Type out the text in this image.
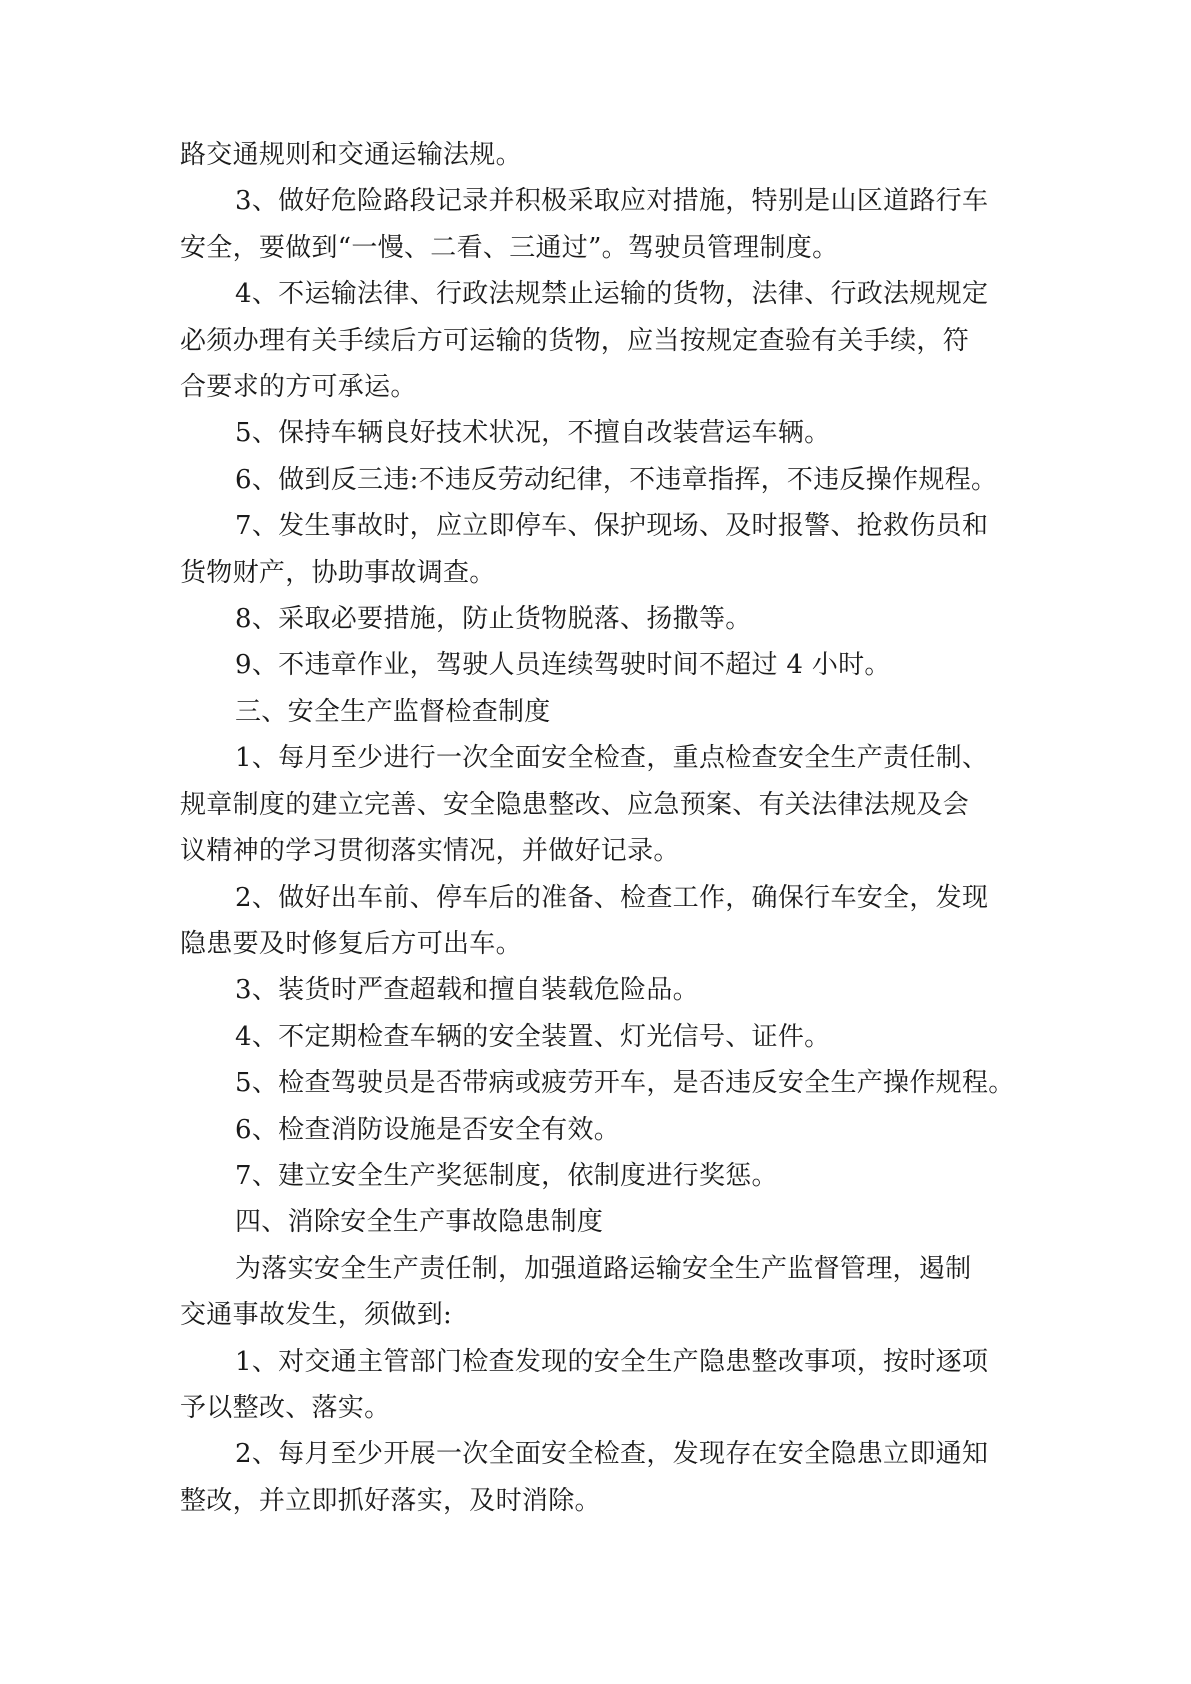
路交通规则和交通运输法规。

3、做好危险路段记录并积极采取应对措施，特别是山区道路行车

安全，要做到“一慢、二看、三通过”。驾驶员管理制度。

4、不运输法律、行政法规禁止运输的货物，法律、行政法规规定

必须办理有关手续后方可运输的货物，应当按规定查验有关手续，符

合要求的方可承运。

5、保持车辆良好技术状况，不擅自改装营运车辆。

6、做到反三违:不违反劳动纪律，不违章指挥，不违反操作规程。

7、发生事故时，应立即停车、保护现场、及时报警、抢救伤员和

货物财产，协助事故调查。

8、采取必要措施，防止货物脱落、扬撒等。

9、不违章作业，驾驶人员连续驾驶时间不超过 4 小时。

三、安全生产监督检查制度

1、每月至少进行一次全面安全检查，重点检查安全生产责任制、

规章制度的建立完善、安全隐患整改、应急预案、有关法律法规及会

议精神的学习贯彻落实情况，并做好记录。

2、做好出车前、停车后的准备、检查工作，确保行车安全，发现

隐患要及时修复后方可出车。

3、装货时严查超载和擅自装载危险品。

4、不定期检查车辆的安全装置、灯光信号、证件。

5、检查驾驶员是否带病或疲劳开车，是否违反安全生产操作规程。

6、检查消防设施是否安全有效。

7、建立安全生产奖惩制度，依制度进行奖惩。

四、消除安全生产事故隐患制度

为落实安全生产责任制，加强道路运输安全生产监督管理，遏制

交通事故发生，须做到:

1、对交通主管部门检查发现的安全生产隐患整改事项，按时逐项

予以整改、落实。

2、每月至少开展一次全面安全检查，发现存在安全隐患立即通知

整改，并立即抓好落实，及时消除。
